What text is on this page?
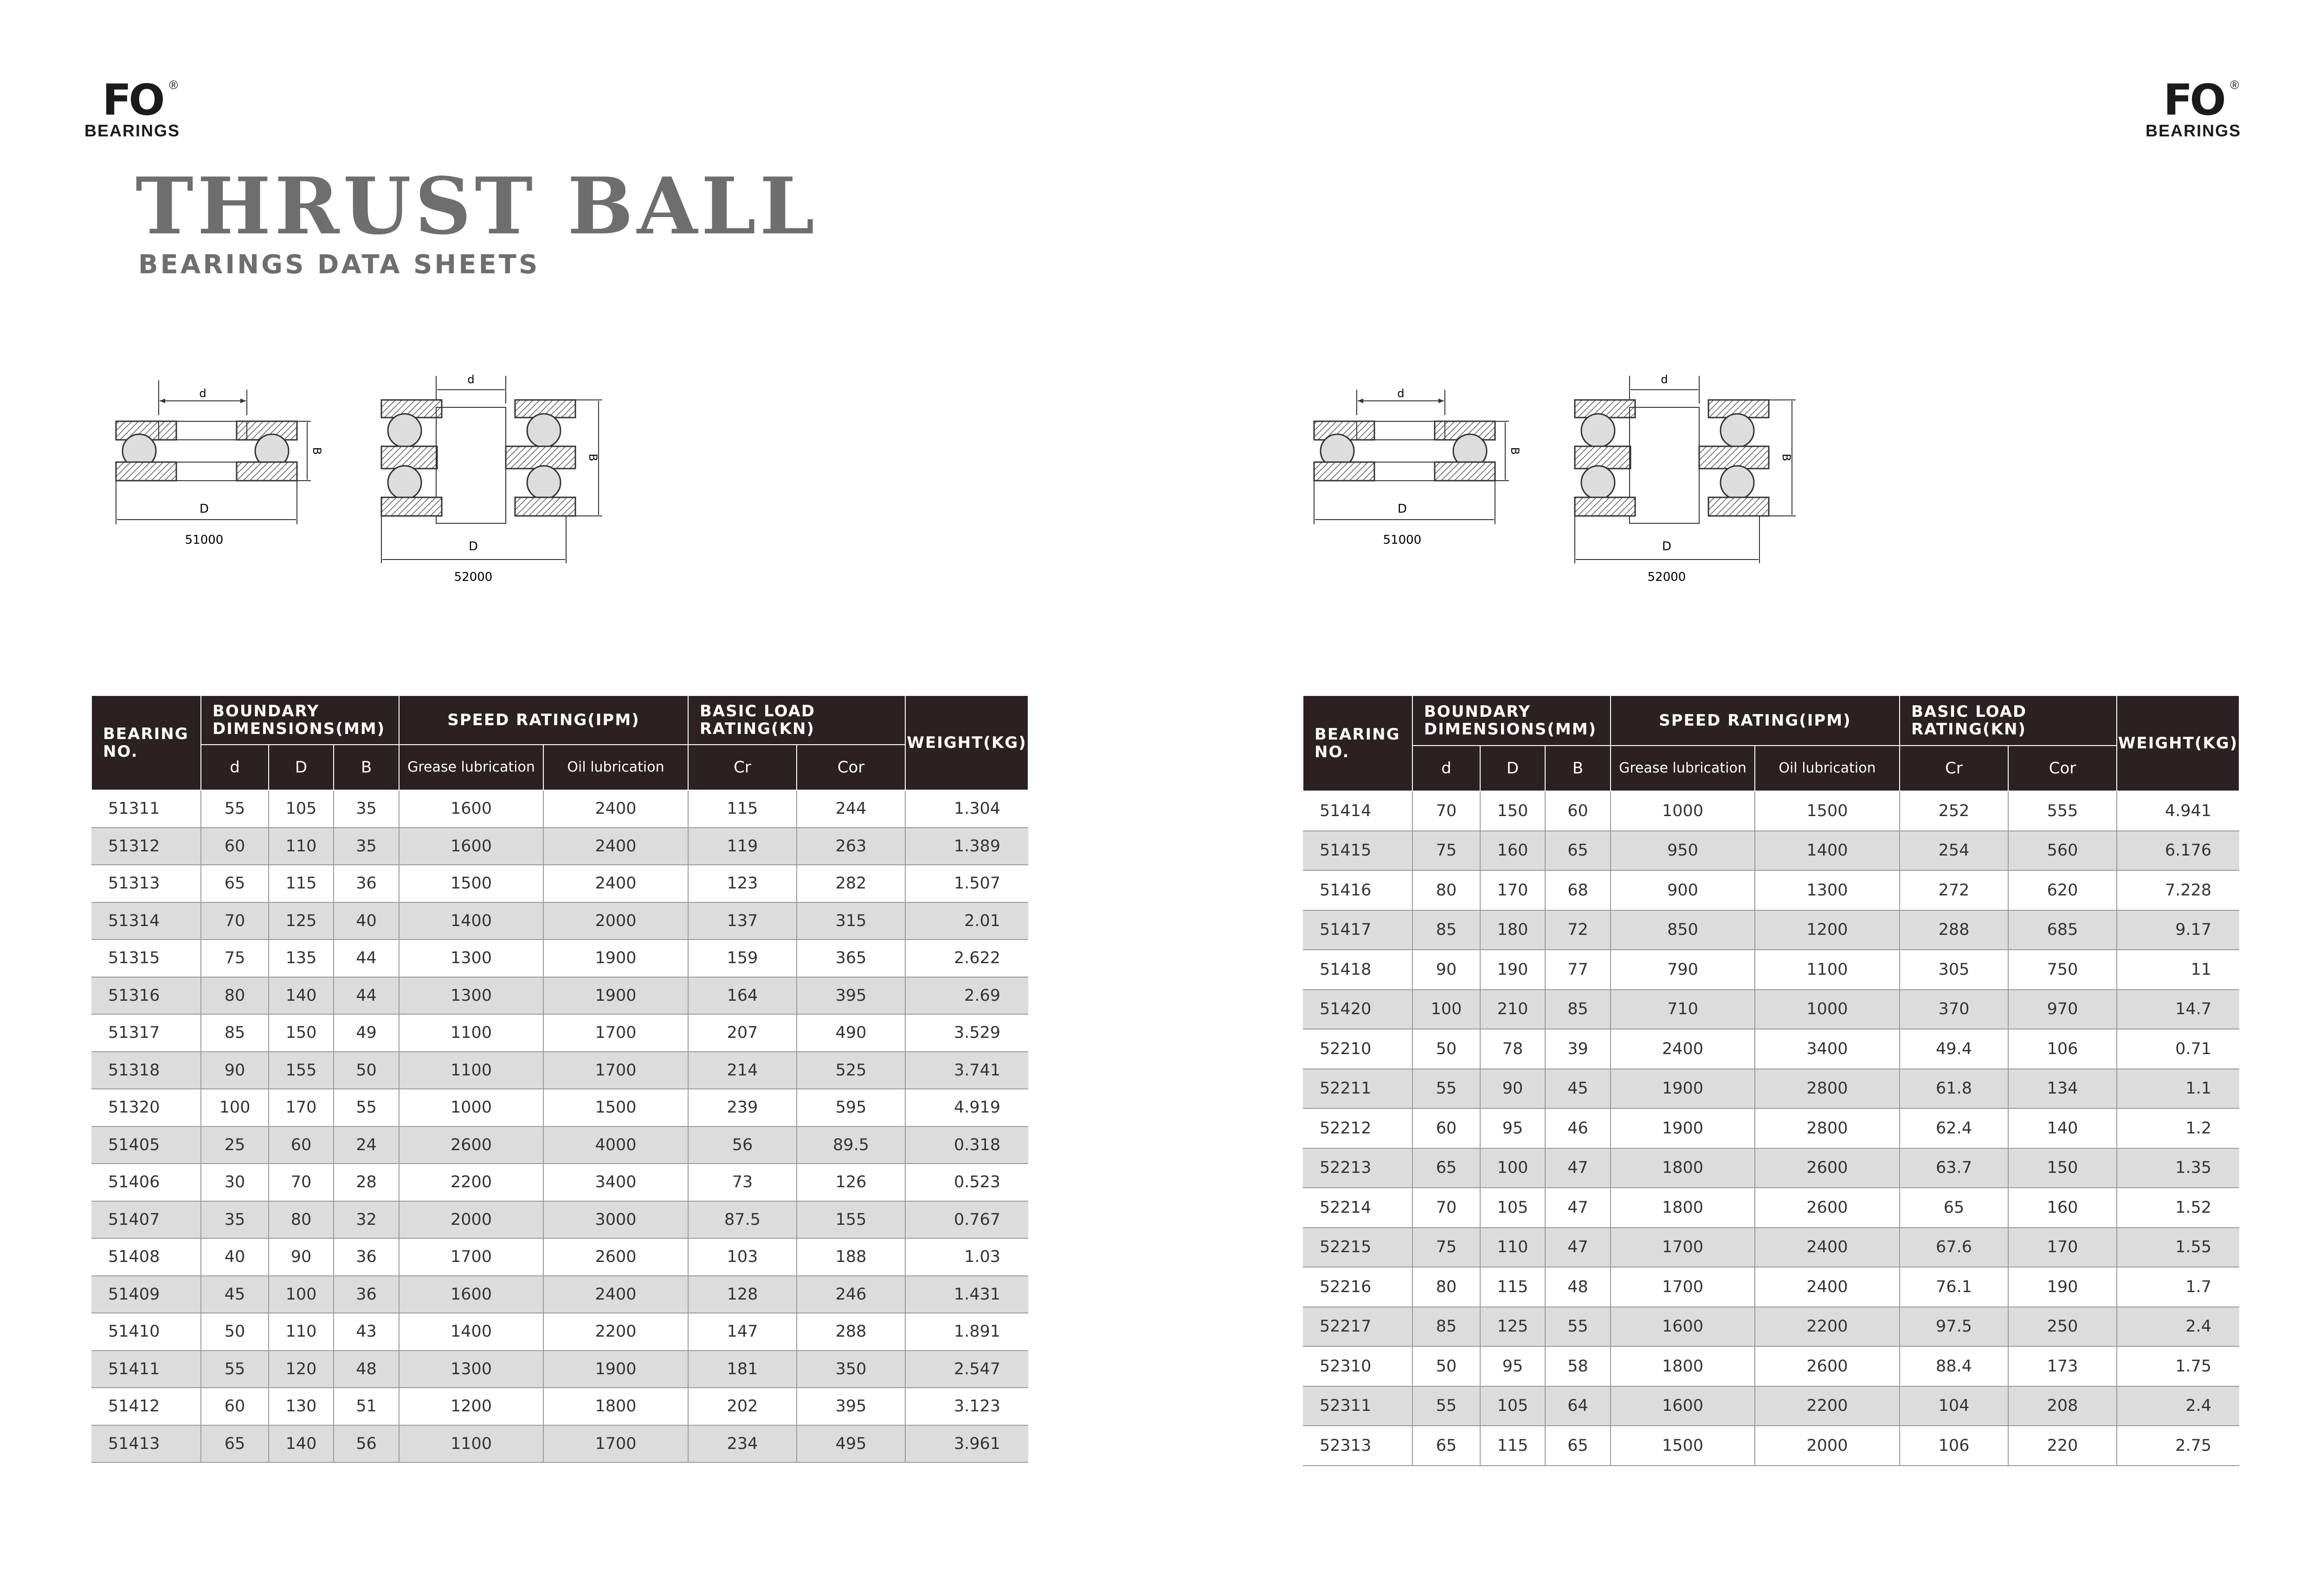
FO ®
BEARINGS
THRUST BALL
BEARINGS DATA SHEETS
d
B
D
51000
d
B
D
52000
BEARING NO.	BOUNDARY DIMENSIONS(MM)			SPEED RATING(IPM)		BASIC LOAD RATING(KN)		WEIGHT(KG)
	d	D	B	Grease lubrication	Oil lubrication	Cr	Cor	
51311	55	105	35	1600	2400	115	244	1.304
51312	60	110	35	1600	2400	119	263	1.389
51313	65	115	36	1500	2400	123	282	1.507
51314	70	125	40	1400	2000	137	315	2.01
51315	75	135	44	1300	1900	159	365	2.622
51316	80	140	44	1300	1900	164	395	2.69
51317	85	150	49	1100	1700	207	490	3.529
51318	90	155	50	1100	1700	214	525	3.741
51320	100	170	55	1000	1500	239	595	4.919
51405	25	60	24	2600	4000	56	89.5	0.318
51406	30	70	28	2200	3400	73	126	0.523
51407	35	80	32	2000	3000	87.5	155	0.767
51408	40	90	36	1700	2600	103	188	1.03
51409	45	100	36	1600	2400	128	246	1.431
51410	50	110	43	1400	2200	147	288	1.891
51411	55	120	48	1300	1900	181	350	2.547
51412	60	130	51	1200	1800	202	395	3.123
51413	65	140	56	1100	1700	234	495	3.961
FO ®
BEARINGS
d
B
D
51000
d
B
D
52000
BEARING NO.	BOUNDARY DIMENSIONS(MM)			SPEED RATING(IPM)		BASIC LOAD RATING(KN)		WEIGHT(KG)
	d	D	B	Grease lubrication	Oil lubrication	Cr	Cor	
51414	70	150	60	1000	1500	252	555	4.941
51415	75	160	65	950	1400	254	560	6.176
51416	80	170	68	900	1300	272	620	7.228
51417	85	180	72	850	1200	288	685	9.17
51418	90	190	77	790	1100	305	750	11
51420	100	210	85	710	1000	370	970	14.7
52210	50	78	39	2400	3400	49.4	106	0.71
52211	55	90	45	1900	2800	61.8	134	1.1
52212	60	95	46	1900	2800	62.4	140	1.2
52213	65	100	47	1800	2600	63.7	150	1.35
52214	70	105	47	1800	2600	65	160	1.52
52215	75	110	47	1700	2400	67.6	170	1.55
52216	80	115	48	1700	2400	76.1	190	1.7
52217	85	125	55	1600	2200	97.5	250	2.4
52310	50	95	58	1800	2600	88.4	173	1.75
52311	55	105	64	1600	2200	104	208	2.4
52313	65	115	65	1500	2000	106	220	2.75
